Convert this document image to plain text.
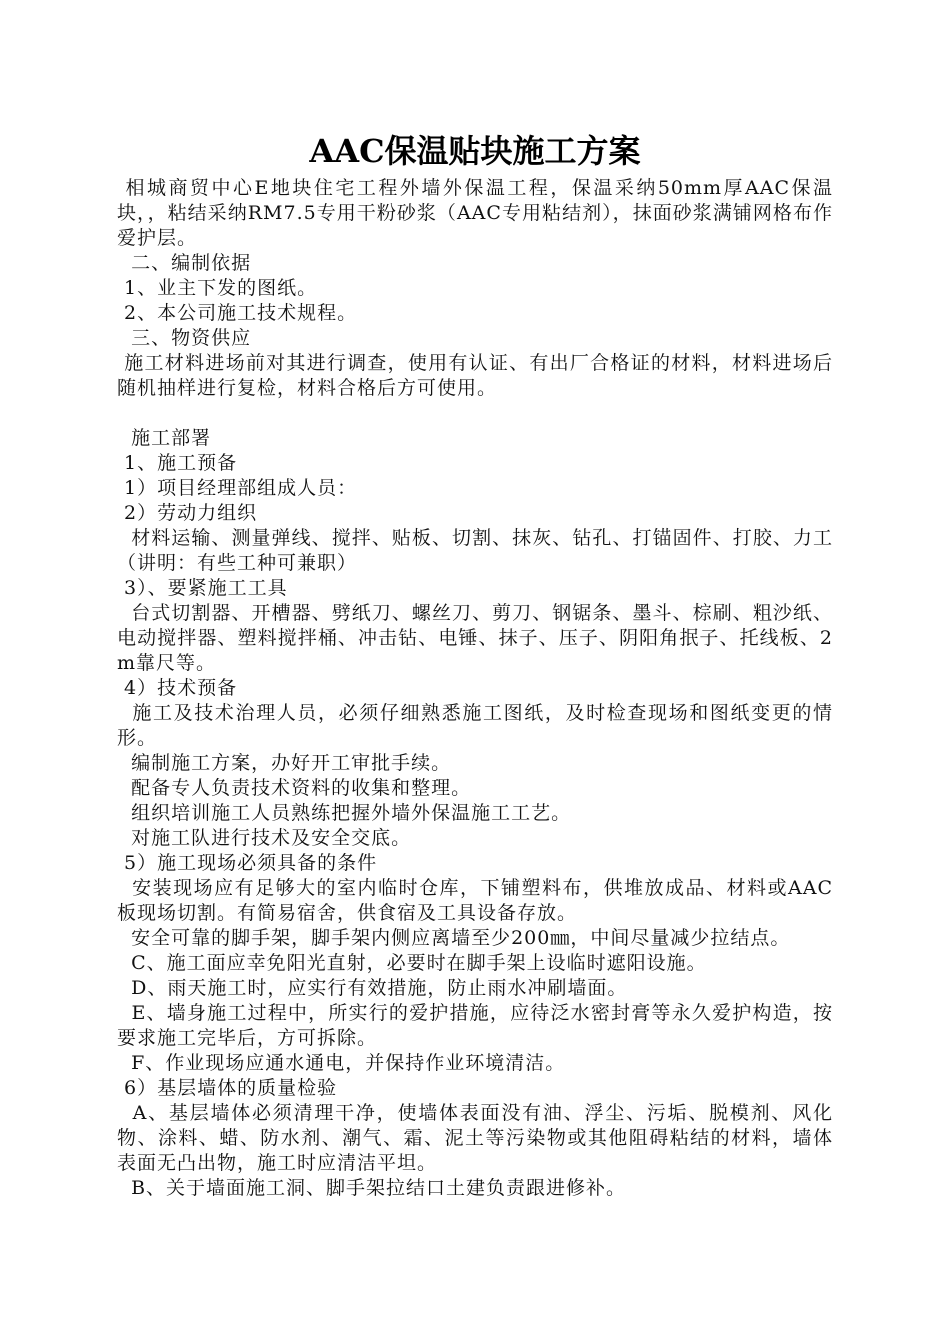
AAC保温贴块施工方案

相城商贸中心E地块住宅工程外墙外保温工程，保温采纳50mm厚AAC保温块，，粘结采纳RM7.5专用干粉砂浆（AAC专用粘结剂），抹面砂浆满铺网格布作爱护层。

二、编制依据

1、业主下发的图纸。

2、本公司施工技术规程。

三、物资供应

施工材料进场前对其进行调查，使用有认证、有出厂合格证的材料，材料进场后随机抽样进行复检，材料合格后方可使用。

施工部署

1、施工预备

1）项目经理部组成人员：

2）劳动力组织

材料运输、测量弹线、搅拌、贴板、切割、抹灰、钻孔、打锚固件、打胶、力工  （讲明：有些工种可兼职）

3）、要紧施工工具

台式切割器、开槽器、劈纸刀、螺丝刀、剪刀、钢锯条、墨斗、棕刷、粗沙纸、电动搅拌器、塑料搅拌桶、冲击钻、电锤、抹子、压子、阴阳角抿子、托线板、2m靠尺等。

4）技术预备

施工及技术治理人员，必须仔细熟悉施工图纸，及时检查现场和图纸变更的情形。

编制施工方案，办好开工审批手续。

配备专人负责技术资料的收集和整理。

组织培训施工人员熟练把握外墙外保温施工工艺。

对施工队进行技术及安全交底。

5）施工现场必须具备的条件

安装现场应有足够大的室内临时仓库，下铺塑料布，供堆放成品、材料或AAC板现场切割。有简易宿舍，供食宿及工具设备存放。

安全可靠的脚手架，脚手架内侧应离墙至少200㎜，中间尽量减少拉结点。

C、施工面应幸免阳光直射，必要时在脚手架上设临时遮阳设施。

D、雨天施工时，应实行有效措施，防止雨水冲刷墙面。

E、墙身施工过程中，所实行的爱护措施，应待泛水密封膏等永久爱护构造，按要求施工完毕后，方可拆除。

F、作业现场应通水通电，并保持作业环境清洁。

6）基层墙体的质量检验

A、基层墙体必须清理干净，使墙体表面没有油、浮尘、污垢、脱模剂、风化物、涂料、蜡、防水剂、潮气、霜、泥土等污染物或其他阻碍粘结的材料，墙体表面无凸出物，施工时应清洁平坦。

B、关于墙面施工洞、脚手架拉结口土建负责跟进修补。
